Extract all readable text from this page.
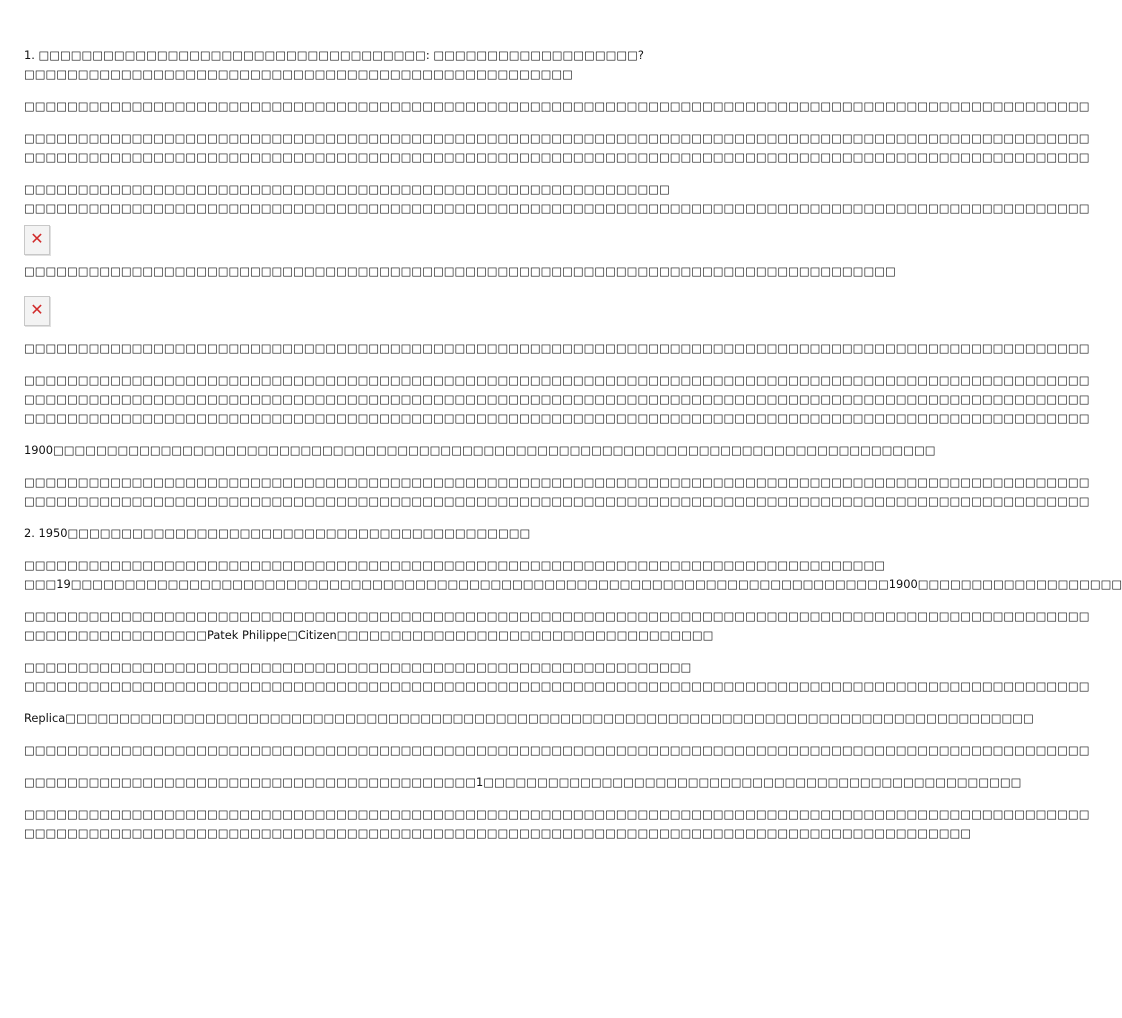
1. □□□□□□□□□□□□□□□□□□□□□□□□□□□□□□□□□□□□: □□□□□□□□□□□□□□□□□□□?
□□□□□□□□□□□□□□□□□□□□□□□□□□□□□□□□□□□□□□□□□□□□□□□□□□□
□□□□□□□□□□□□□□□□□□□□□□□□□□□□□□□□□□□□□□□□□□□□□□□□□□□□□□□□□□□□□□□□□□□□□□□□□□□□□□□□□□□□□□□□□□□□□□□□□□□
□□□□□□□□□□□□□□□□□□□□□□□□□□□□□□□□□□□□□□□□□□□□□□□□□□□□□□□□□□□□□□□□□□□□□□□□□□□□□□□□□□□□□□□□□□□□□□□□□□□
□□□□□□□□□□□□□□□□□□□□□□□□□□□□□□□□□□□□□□□□□□□□□□□□□□□□□□□□□□□□□□□□□□□□□□□□□□□□□□□□□□□□□□□□□□□□□□□□□□□
□□□□□□□□□□□□□□□□□□□□□□□□□□□□□□□□□□□□□□□□□□□□□□□□□□□□□□□□□□□□
□□□□□□□□□□□□□□□□□□□□□□□□□□□□□□□□□□□□□□□□□□□□□□□□□□□□□□□□□□□□□□□□□□□□□□□□□□□□□□□□□□□□□□□□□□□□□□□□□□□
✕
□□□□□□□□□□□□□□□□□□□□□□□□□□□□□□□□□□□□□□□□□□□□□□□□□□□□□□□□□□□□□□□□□□□□□□□□□□□□□□□□□
✕
□□□□□□□□□□□□□□□□□□□□□□□□□□□□□□□□□□□□□□□□□□□□□□□□□□□□□□□□□□□□□□□□□□□□□□□□□□□□□□□□□□□□□□□□□□□□□□□□□□□
□□□□□□□□□□□□□□□□□□□□□□□□□□□□□□□□□□□□□□□□□□□□□□□□□□□□□□□□□□□□□□□□□□□□□□□□□□□□□□□□□□□□□□□□□□□□□□□□□□□
□□□□□□□□□□□□□□□□□□□□□□□□□□□□□□□□□□□□□□□□□□□□□□□□□□□□□□□□□□□□□□□□□□□□□□□□□□□□□□□□□□□□□□□□□□□□□□□□□□□
□□□□□□□□□□□□□□□□□□□□□□□□□□□□□□□□□□□□□□□□□□□□□□□□□□□□□□□□□□□□□□□□□□□□□□□□□□□□□□□□□□□□□□□□□□□□□□□□□□□
1900□□□□□□□□□□□□□□□□□□□□□□□□□□□□□□□□□□□□□□□□□□□□□□□□□□□□□□□□□□□□□□□□□□□□□□□□□□□□□□□□□□
□□□□□□□□□□□□□□□□□□□□□□□□□□□□□□□□□□□□□□□□□□□□□□□□□□□□□□□□□□□□□□□□□□□□□□□□□□□□□□□□□□□□□□□□□□□□□□□□□□□
□□□□□□□□□□□□□□□□□□□□□□□□□□□□□□□□□□□□□□□□□□□□□□□□□□□□□□□□□□□□□□□□□□□□□□□□□□□□□□□□□□□□□□□□□□□□□□□□□□□
2. 1950□□□□□□□□□□□□□□□□□□□□□□□□□□□□□□□□□□□□□□□□□□□
□□□□□□□□□□□□□□□□□□□□□□□□□□□□□□□□□□□□□□□□□□□□□□□□□□□□□□□□□□□□□□□□□□□□□□□□□□□□□□□□
□□□19□□□□□□□□□□□□□□□□□□□□□□□□□□□□□□□□□□□□□□□□□□□□□□□□□□□□□□□□□□□□□□□□□□□□□□□□□□□□1900□□□□□□□□□□□□□□□□□□□
□□□□□□□□□□□□□□□□□□□□□□□□□□□□□□□□□□□□□□□□□□□□□□□□□□□□□□□□□□□□□□□□□□□□□□□□□□□□□□□□□□□□□□□□□□□□□□□□□□□
□□□□□□□□□□□□□□□□□Patek Philippe□Citizen□□□□□□□□□□□□□□□□□□□□□□□□□□□□□□□□□□□
□□□□□□□□□□□□□□□□□□□□□□□□□□□□□□□□□□□□□□□□□□□□□□□□□□□□□□□□□□□□□□
□□□□□□□□□□□□□□□□□□□□□□□□□□□□□□□□□□□□□□□□□□□□□□□□□□□□□□□□□□□□□□□□□□□□□□□□□□□□□□□□□□□□□□□□□□□□□□□□□□□
Replica□□□□□□□□□□□□□□□□□□□□□□□□□□□□□□□□□□□□□□□□□□□□□□□□□□□□□□□□□□□□□□□□□□□□□□□□□□□□□□□□□□□□□□□□□□
□□□□□□□□□□□□□□□□□□□□□□□□□□□□□□□□□□□□□□□□□□□□□□□□□□□□□□□□□□□□□□□□□□□□□□□□□□□□□□□□□□□□□□□□□□□□□□□□□□□
□□□□□□□□□□□□□□□□□□□□□□□□□□□□□□□□□□□□□□□□□□1□□□□□□□□□□□□□□□□□□□□□□□□□□□□□□□□□□□□□□□□□□□□□□□□□□
□□□□□□□□□□□□□□□□□□□□□□□□□□□□□□□□□□□□□□□□□□□□□□□□□□□□□□□□□□□□□□□□□□□□□□□□□□□□□□□□□□□□□□□□□□□□□□□□□□□
□□□□□□□□□□□□□□□□□□□□□□□□□□□□□□□□□□□□□□□□□□□□□□□□□□□□□□□□□□□□□□□□□□□□□□□□□□□□□□□□□□□□□□□□
